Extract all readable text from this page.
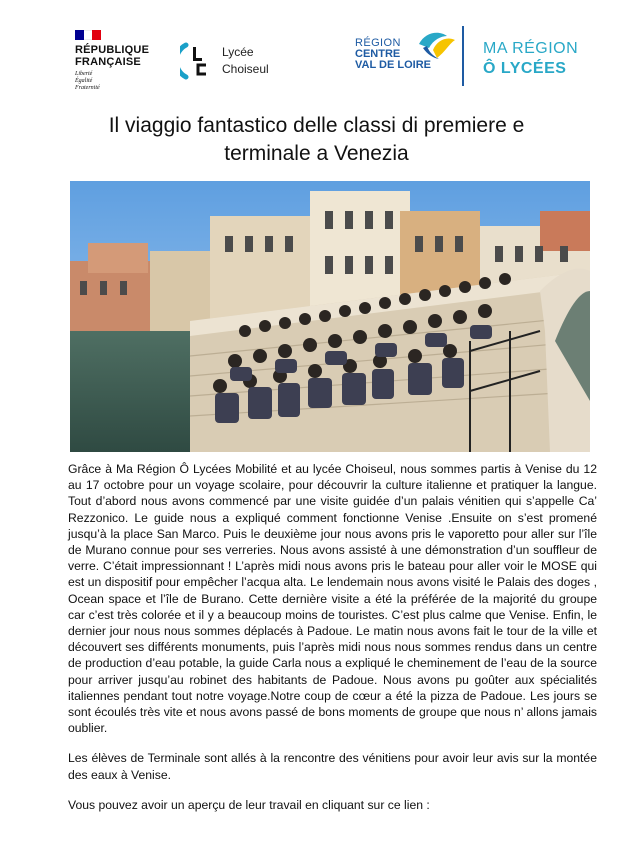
RÉPUBLIQUE
FRANÇAISE
Liberté
Égalité
Fraternité
Lycée
Choiseul
RÉGION
CENTRE
VAL DE LOIRE
MA RÉGION
Ô LYCÉES
Il viaggio fantastico delle classi di premiere e
terminale a Venezia

Grâce à Ma Région Ô Lycées Mobilité et au lycée Choiseul, nous sommes partis à Venise du 12 au 17 octobre pour un voyage scolaire, pour découvrir la culture italienne et pratiquer la langue. Tout d’abord nous avons commencé par une visite guidée d’un palais vénitien qui s’appelle Ca’ Rezzonico. Le guide nous a expliqué comment fonctionne Venise .Ensuite on s’est promené jusqu’à la place San Marco. Puis le deuxième jour nous avons pris le vaporetto pour aller sur l’île de Murano connue pour ses verreries. Nous avons assisté à une démonstration d’un souffleur de verre. C’était impressionnant ! L’après midi nous avons pris le bateau pour aller voir le MOSE qui est un dispositif pour empêcher l’acqua alta. Le lendemain nous avons visité le Palais des doges , Ocean space et l’île de Burano. Cette dernière visite a été la préférée de la majorité du groupe car c’est très colorée et il y a beaucoup moins de touristes. C’est plus calme que Venise. Enfin, le dernier jour nous nous sommes déplacés à Padoue. Le matin nous avons fait le tour de la ville et découvert ses différents monuments, puis l’après midi nous nous sommes rendus dans un centre de production d’eau potable, la guide Carla nous a expliqué le cheminement de l’eau de la source pour arriver jusqu’au robinet des habitants de Padoue. Nous avons pu goûter aux spécialités italiennes pendant tout notre voyage.Notre coup de cœur a été la pizza de Padoue. Les jours se sont écoulés très vite et nous avons passé de bons moments de groupe que nous n’ allons jamais oublier.

Les élèves de Terminale sont allés à la rencontre des vénitiens pour avoir leur avis sur la montée des eaux à Venise.

Vous pouvez avoir un aperçu de leur travail en cliquant sur ce lien :
